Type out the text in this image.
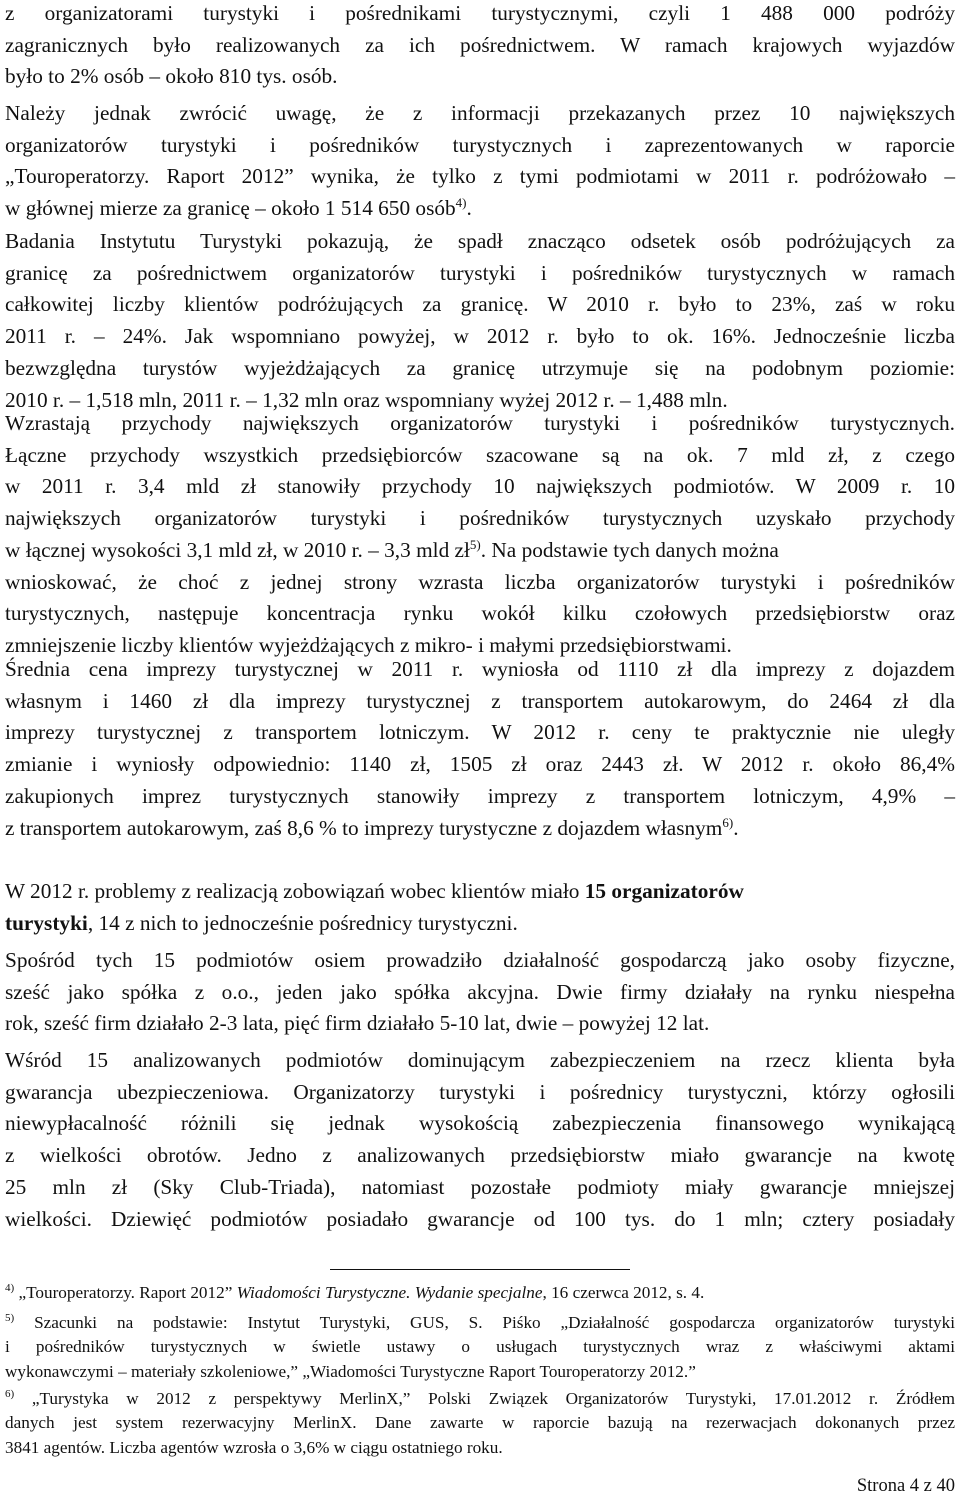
z organizatorami turystyki i pośrednikami turystycznymi, czyli 1 488 000 podróży
zagranicznych było realizowanych za ich pośrednictwem. W ramach krajowych wyjazdów
było to 2% osób – około 810 tys. osób.
Należy jednak zwrócić uwagę, że z informacji przekazanych przez 10 największych
organizatorów turystyki i pośredników turystycznych i zaprezentowanych w raporcie
„Touroperatorzy. Raport 2012” wynika, że tylko z tymi podmiotami w 2011 r. podróżowało –
w głównej mierze za granicę – około 1 514 650 osób$^{4)}$.
Badania Instytutu Turystyki pokazują, że spadł znacząco odsetek osób podróżujących za
granicę za pośrednictwem organizatorów turystyki i pośredników turystycznych w ramach
całkowitej liczby klientów podróżujących za granicę. W 2010 r. było to 23%, zaś w roku
2011 r. – 24%. Jak wspomniano powyżej, w 2012 r. było to ok. 16%. Jednocześnie liczba
bezwzględna turystów wyjeżdżających za granicę utrzymuje się na podobnym poziomie:
2010 r. – 1,518 mln, 2011 r. – 1,32 mln oraz wspomniany wyżej 2012 r. – 1,488 mln.
Wzrastają przychody największych organizatorów turystyki i pośredników turystycznych.
Łączne przychody wszystkich przedsiębiorców szacowane są na ok. 7 mld zł, z czego
w 2011 r. 3,4 mld zł stanowiły przychody 10 największych podmiotów. W 2009 r. 10
największych organizatorów turystyki i pośredników turystycznych uzyskało przychody
w łącznej wysokości 3,1 mld zł, w 2010 r. – 3,3 mld $zł^{5)}$. Na podstawie tych danych można
wnioskować, że choć z jednej strony wzrasta liczba organizatorów turystyki i pośredników
turystycznych, następuje koncentracja rynku wokół kilku czołowych przedsiębiorstw oraz
zmniejszenie liczby klientów wyjeżdżających z mikro- i małymi przedsiębiorstwami.
Średnia cena imprezy turystycznej w 2011 r. wyniosła od 1110 zł dla imprezy z dojazdem
własnym i 1460 zł dla imprezy turystycznej z transportem autokarowym, do 2464 zł dla
imprezy turystycznej z transportem lotniczym. W 2012 r. ceny te praktycznie nie uległy
zmianie i wyniosły odpowiednio: 1140 zł, 1505 zł oraz 2443 zł. W 2012 r. około 86,4%
zakupionych imprez turystycznych stanowiły imprezy z transportem lotniczym, 4,9% –
z transportem autokarowym, zaś 8,6 % to imprezy turystyczne z dojazdem własnym$^{6)}$.
W 2012 r. problemy z realizacją zobowiązań wobec klientów miało 15 organizatorów
turystyki, 14 z nich to jednocześnie pośrednicy turystyczni.
Spośród tych 15 podmiotów osiem prowadziło działalność gospodarczą jako osoby fizyczne,
sześć jako spółka z o.o., jeden jako spółka akcyjna. Dwie firmy działały na rynku niespełna
rok, sześć firm działało 2-3 lata, pięć firm działało 5-10 lat, dwie – powyżej 12 lat.
Wśród 15 analizowanych podmiotów dominującym zabezpieczeniem na rzecz klienta była
gwarancja ubezpieczeniowa. Organizatorzy turystyki i pośrednicy turystyczni, którzy ogłosili
niewypłacalność różnili się jednak wysokością zabezpieczenia finansowego wynikającą
z wielkości obrotów. Jedno z analizowanych przedsiębiorstw miało gwarancje na kwotę
25 mln zł (Sky Club-Triada), natomiast pozostałe podmioty miały gwarancje mniejszej
wielkości. Dziewięć podmiotów posiadało gwarancje od 100 tys. do 1 mln; cztery posiadały
$^{4)}$ „Touroperatorzy. Raport 2012” Wiadomości Turystyczne. Wydanie specjalne, 16 czerwca 2012, s. 4.
$^{5)}$ Szacunki na podstawie: Instytut Turystyki, GUS, S. Piśko „Działalność gospodarcza organizatorów turystyki
i pośredników turystycznych w świetle ustawy o usługach turystycznych wraz z właściwymi aktami
wykonawczymi – materiały szkoleniowe,” „Wiadomości Turystyczne Raport Touroperatorzy 2012.”
$^{6)}$ „Turystyka w 2012 z perspektywy MerlinX,” Polski Związek Organizatorów Turystyki, 17.01.2012 r. Źródłem
danych jest system rezerwacyjny MerlinX. Dane zawarte w raporcie bazują na rezerwacjach dokonanych przez
3841 agentów. Liczba agentów wzrosła o 3,6% w ciągu ostatniego roku.
Strona 4 z 40
